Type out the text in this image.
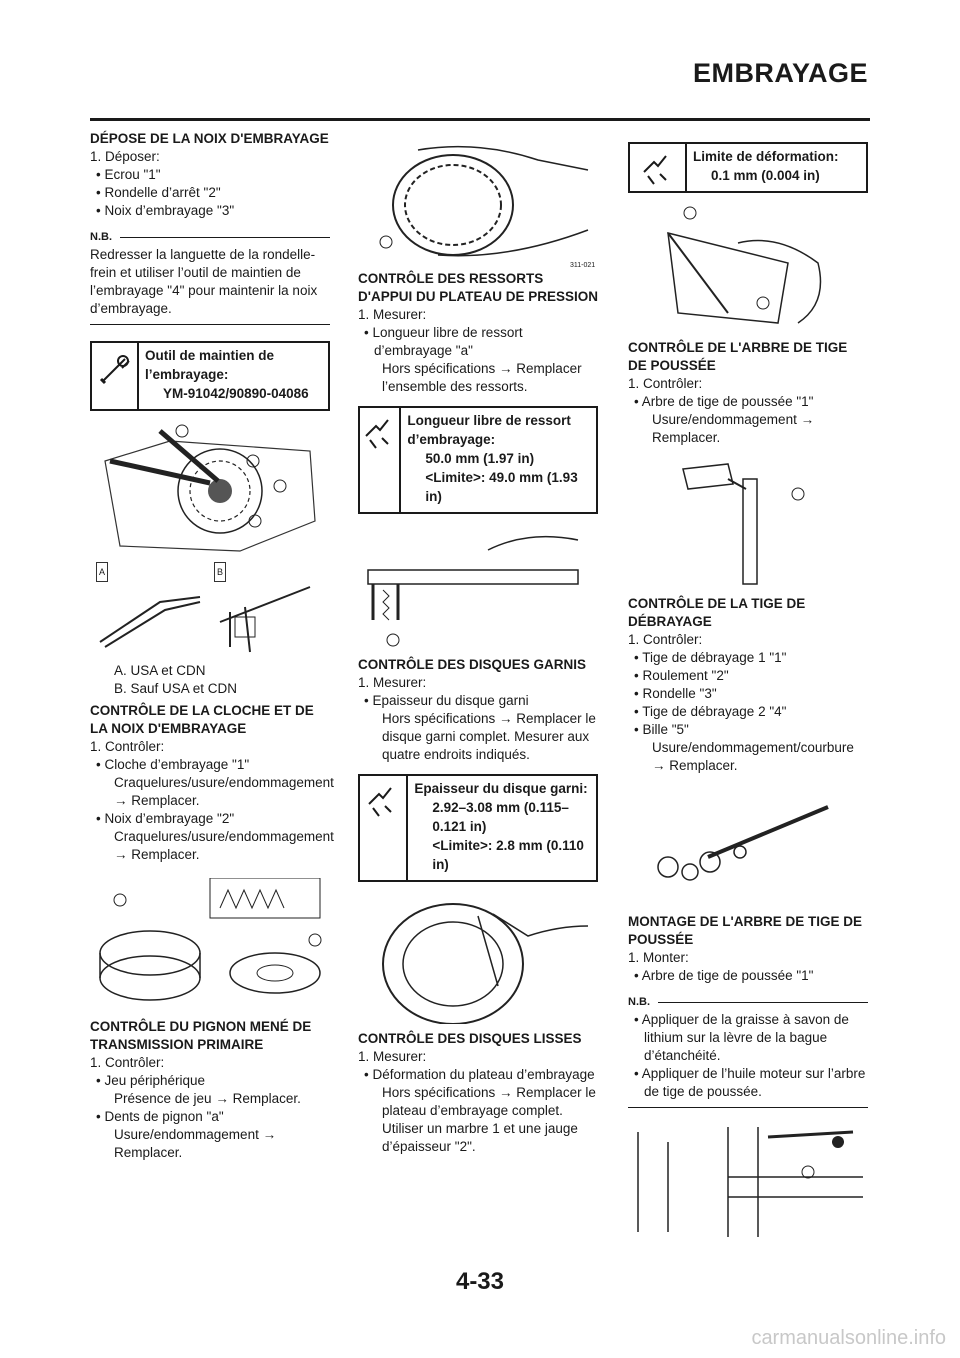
EMBRAYAGE

DÉPOSE DE LA NOIX D'EMBRAYAGE

1. Déposer:

• Ecrou "1"

• Rondelle d’arrêt "2"

• Noix d’embrayage "3"

N.B.

Redresser la languette de la rondelle-frein et utiliser l’outil de maintien de l’embrayage "4" pour maintenir la noix d’embrayage.

Outil de maintien de l’embrayage:
YM-91042/90890-04086
A	B

A. USA et CDN

B. Sauf USA et CDN

CONTRÔLE DE LA CLOCHE ET DE LA NOIX D'EMBRAYAGE

1. Contrôler:

• Cloche d’embrayage "1"

Craquelures/usure/endommagement → Remplacer.

• Noix d’embrayage "2"

Craquelures/usure/endommagement → Remplacer.

CONTRÔLE DU PIGNON MENÉ DE TRANSMISSION PRIMAIRE

1. Contrôler:

• Jeu périphérique

Présence de jeu → Remplacer.

• Dents de pignon "a"

Usure/endommagement → Remplacer.

311-021

CONTRÔLE DES RESSORTS D'APPUI DU PLATEAU DE PRESSION

1. Mesurer:

• Longueur libre de ressort d’embrayage "a"

Hors spécifications → Remplacer l’ensemble des ressorts.

Longueur libre de ressort d’embrayage:
50.0 mm (1.97 in)
<Limite>: 49.0 mm (1.93 in)

CONTRÔLE DES DISQUES GARNIS

1. Mesurer:

• Epaisseur du disque garni

Hors spécifications → Remplacer le disque garni complet. Mesurer aux quatre endroits indiqués.

Epaisseur du disque garni:
2.92–3.08 mm (0.115–0.121 in)
<Limite>: 2.8 mm (0.110 in)

CONTRÔLE DES DISQUES LISSES

1. Mesurer:

• Déformation du plateau d’embrayage

Hors spécifications → Remplacer le plateau d’embrayage complet. Utiliser un marbre 1 et une jauge d’épaisseur "2".

Limite de déformation:
0.1 mm (0.004 in)

CONTRÔLE DE L'ARBRE DE TIGE DE POUSSÉE

1. Contrôler:

• Arbre de tige de poussée "1"

Usure/endommagement → Remplacer.

CONTRÔLE DE LA TIGE DE DÉBRAYAGE

1. Contrôler:

• Tige de débrayage 1 "1"

• Roulement "2"

• Rondelle "3"

• Tige de débrayage 2 "4"

• Bille "5"

Usure/endommagement/courbure → Remplacer.

MONTAGE DE L'ARBRE DE TIGE DE POUSSÉE

1. Monter:

• Arbre de tige de poussée "1"

N.B.

• Appliquer de la graisse à savon de lithium sur la lèvre de la bague d’étanchéité.

• Appliquer de l’huile moteur sur l’arbre de tige de poussée.

4-33
carmanualsonline.info
